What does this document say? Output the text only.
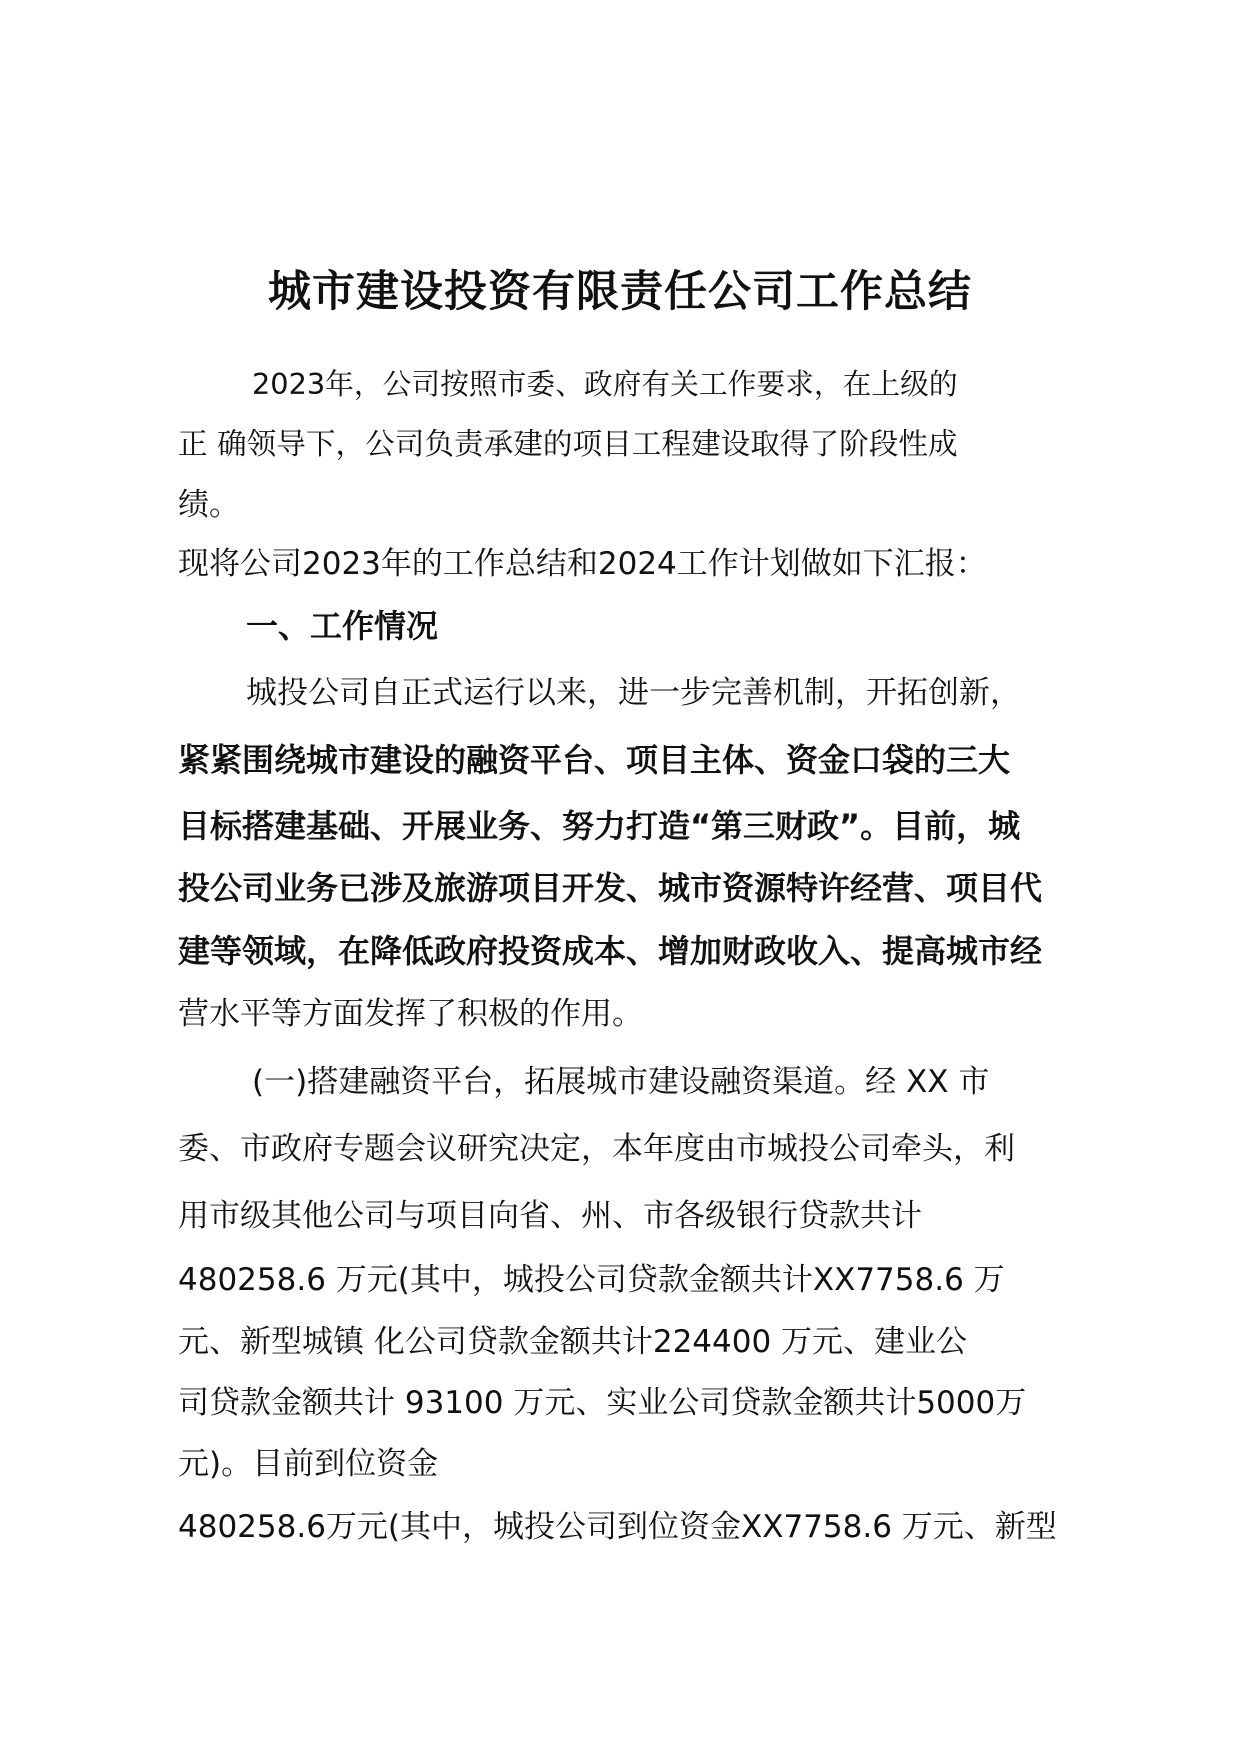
城市建设投资有限责任公司工作总结

2023年，公司按照市委、政府有关工作要求，在上级的

正 确领导下，公司负责承建的项目工程建设取得了阶段性成

绩。

现将公司2023年的工作总结和2024工作计划做如下汇报：

一、工作情况

城投公司自正式运行以来，进一步完善机制，开拓创新，

紧紧围绕城市建设的融资平台、项目主体、资金口袋的三大

目标搭建基础、开展业务、努力打造“第三财政”。目前，城

投公司业务已涉及旅游项目开发、城市资源特许经营、项目代

建等领域，在降低政府投资成本、增加财政收入、提高城市经

营水平等方面发挥了积极的作用。

(一)搭建融资平台，拓展城市建设融资渠道。经 XX 市

委、市政府专题会议研究决定，本年度由市城投公司牵头，利

用市级其他公司与项目向省、州、市各级银行贷款共计

480258.6 万元(其中，城投公司贷款金额共计XX7758.6 万

元、新型城镇 化公司贷款金额共计224400 万元、建业公

司贷款金额共计 93100 万元、实业公司贷款金额共计5000万

元)。目前到位资金

480258.6万元(其中，城投公司到位资金XX7758.6 万元、新型
